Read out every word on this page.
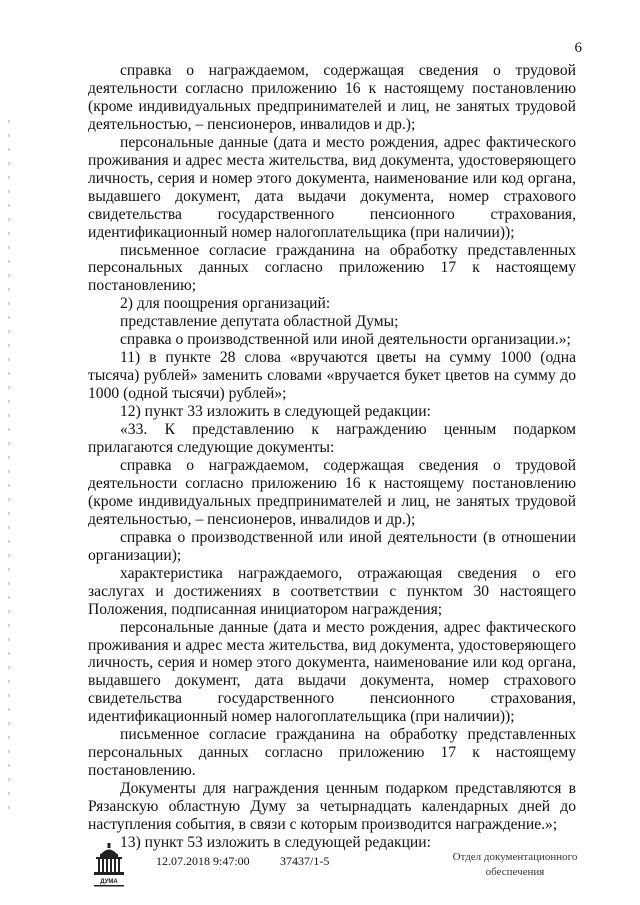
6

справка о награждаемом, содержащая сведения о трудовой деятельности согласно приложению 16 к настоящему постановлению (кроме индивидуальных предпринимателей и лиц, не занятых трудовой деятельностью, – пенсионеров, инвалидов и др.);

персональные данные (дата и место рождения, адрес фактического проживания и адрес места жительства, вид документа, удостоверяющего личность, серия и номер этого документа, наименование или код органа, выдавшего документ, дата выдачи документа, номер страхового свидетельства государственного пенсионного страхования, идентификационный номер налогоплательщика (при наличии));

письменное согласие гражданина на обработку представленных персональных данных согласно приложению 17 к настоящему постановлению;

2) для поощрения организаций:

представление депутата областной Думы;

справка о производственной или иной деятельности организации.»;

11) в пункте 28 слова «вручаются цветы на сумму 1000 (одна тысяча) рублей» заменить словами «вручается букет цветов на сумму до 1000 (одной тысячи) рублей»;

12) пункт 33 изложить в следующей редакции:

«33. К представлению к награждению ценным подарком прилагаются следующие документы:

справка о награждаемом, содержащая сведения о трудовой деятельности согласно приложению 16 к настоящему постановлению (кроме индивидуальных предпринимателей и лиц, не занятых трудовой деятельностью, – пенсионеров, инвалидов и др.);

справка о производственной или иной деятельности (в отношении организации);

характеристика награждаемого, отражающая сведения о его заслугах и достижениях в соответствии с пунктом 30 настоящего Положения, подписанная инициатором награждения;

персональные данные (дата и место рождения, адрес фактического проживания и адрес места жительства, вид документа, удостоверяющего личность, серия и номер этого документа, наименование или код органа, выдавшего документ, дата выдачи документа, номер страхового свидетельства государственного пенсионного страхования, идентификационный номер налогоплательщика (при наличии));

письменное согласие гражданина на обработку представленных персональных данных согласно приложению 17 к настоящему постановлению.

Документы для награждения ценным подарком представляются в Рязанскую областную Думу за четырнадцать календарных дней до наступления события, в связи с которым производится награждение.»;

13) пункт 53 изложить в следующей редакции:

ДУМА
12.07.2018 9:47:00	37437/1-5	Отдел документационного
обеспечения
